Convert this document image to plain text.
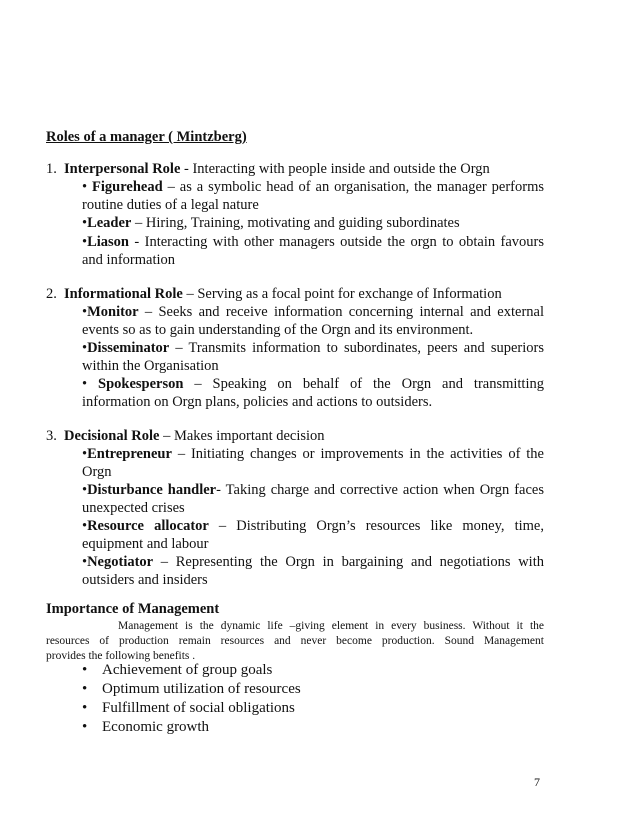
Roles of a manager ( Mintzberg)
1. Interpersonal Role - Interacting with people inside and outside the Orgn
• Figurehead – as a symbolic head of an organisation, the manager performs
routine duties of a legal nature
•Leader – Hiring, Training, motivating and guiding subordinates
•Liason - Interacting with other managers outside the orgn to obtain favours
and information
2. Informational Role – Serving as a focal point for exchange of Information
•Monitor – Seeks and receive information concerning internal and external
events so as to gain understanding of the Orgn and its environment.
•Disseminator – Transmits information to subordinates, peers and superiors
within the Organisation
• Spokesperson – Speaking on behalf of the Orgn and transmitting
information on Orgn plans, policies and actions to outsiders.
3. Decisional Role – Makes important decision
•Entrepreneur – Initiating changes or improvements in the activities of the
Orgn
•Disturbance handler- Taking charge and corrective action when Orgn faces
unexpected crises
•Resource allocator – Distributing Orgn’s resources like money, time,
equipment and labour
•Negotiator – Representing the Orgn in bargaining and negotiations with
outsiders and insiders
Importance of Management
Management is the dynamic life –giving element in every business. Without it the
resources of production remain resources and never become production. Sound Management
provides the following benefits .
• Achievement of group goals
• Optimum utilization of resources
• Fulfillment of social obligations
• Economic growth
7
